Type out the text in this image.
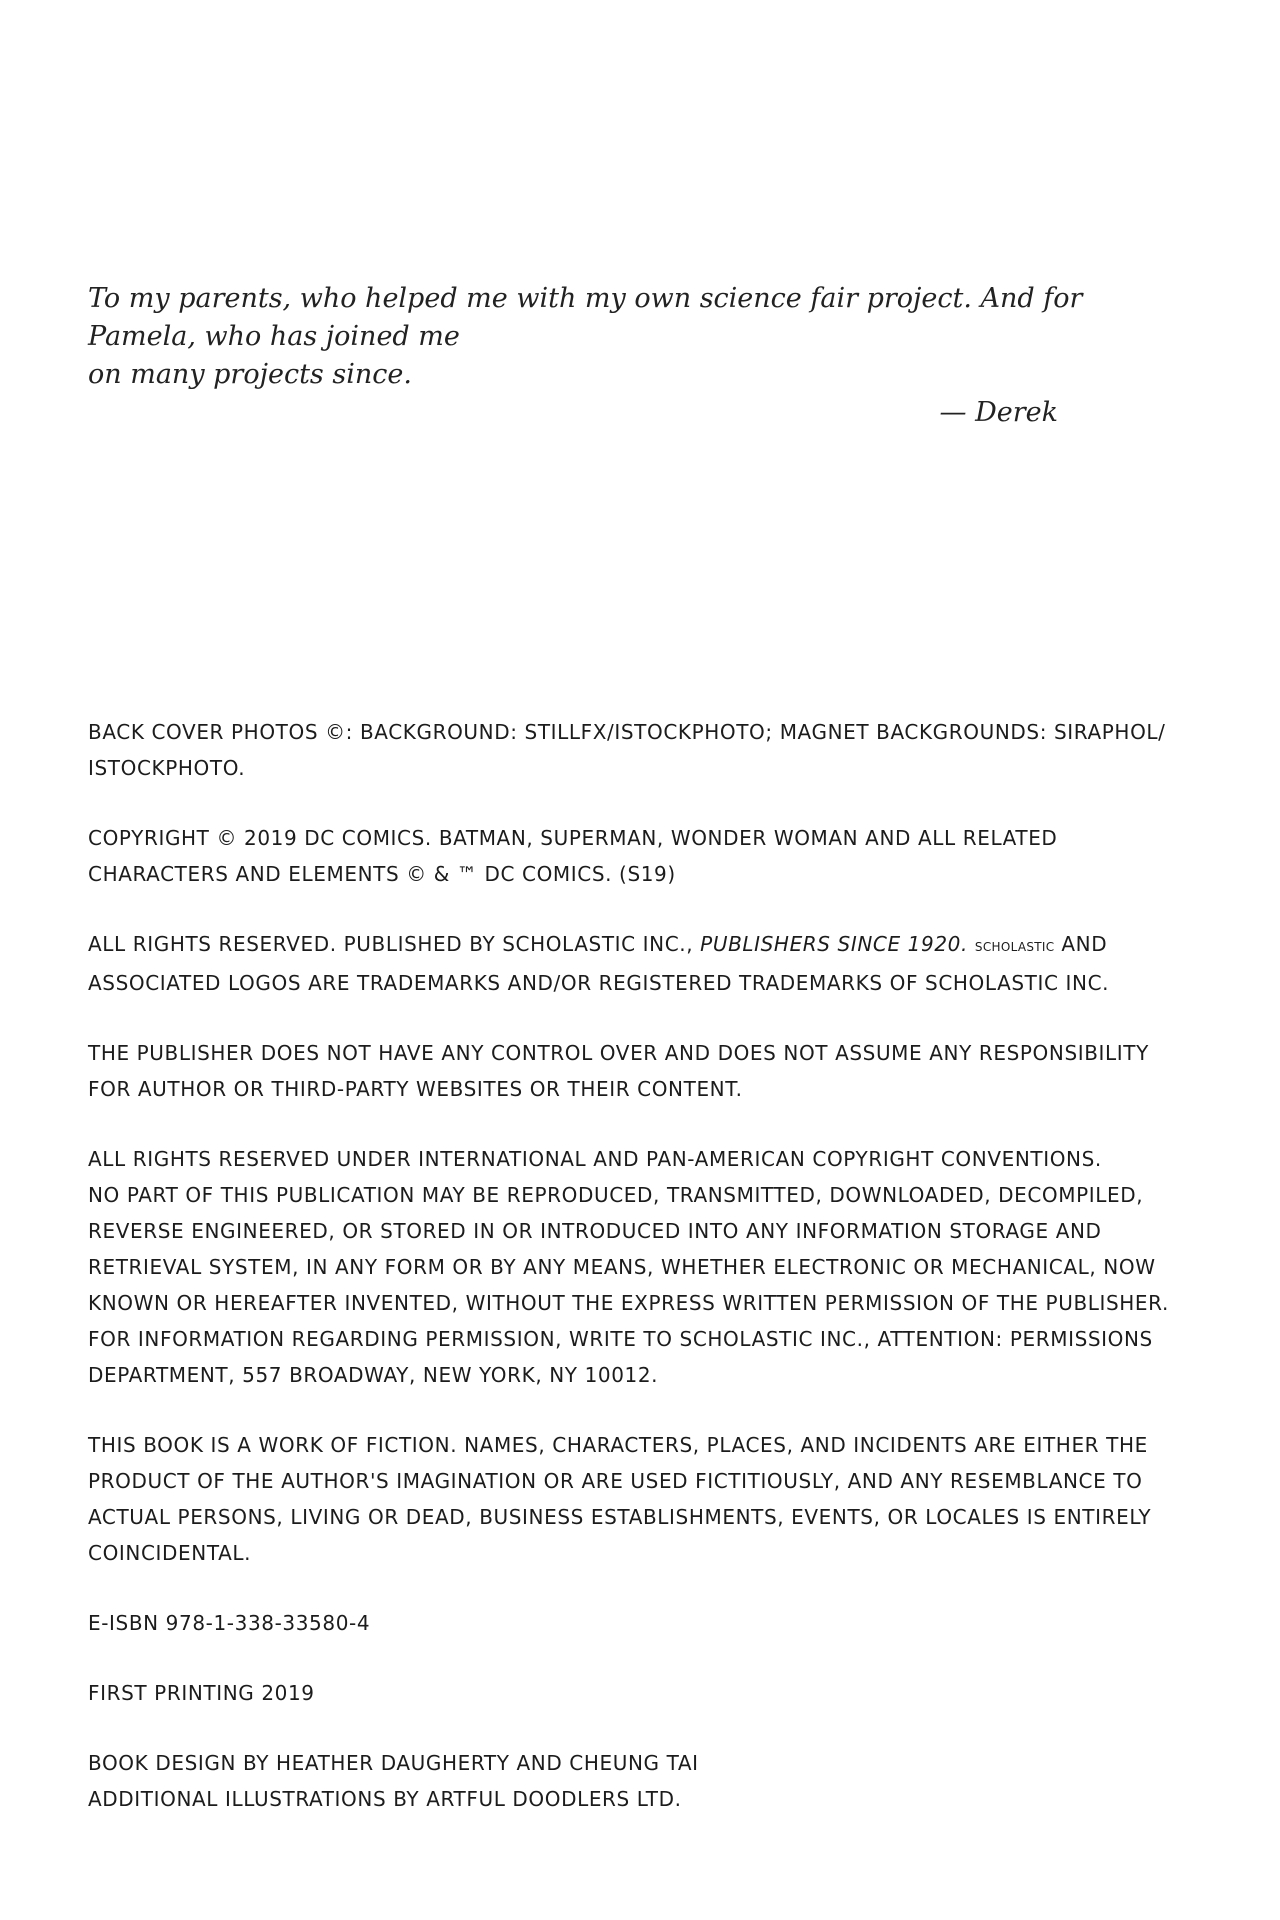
To my parents, who helped me with my own science fair project. And for Pamela, who has joined me
on many projects since.
— Derek

BACK COVER PHOTOS ©: BACKGROUND: STILLFX/ISTOCKPHOTO; MAGNET BACKGROUNDS: SIRAPHOL/
ISTOCKPHOTO.

COPYRIGHT © 2019 DC COMICS. BATMAN, SUPERMAN, WONDER WOMAN AND ALL RELATED
CHARACTERS AND ELEMENTS © & ™ DC COMICS. (S19)

ALL RIGHTS RESERVED. PUBLISHED BY SCHOLASTIC INC., PUBLISHERS SINCE 1920. SCHOLASTIC AND
ASSOCIATED LOGOS ARE TRADEMARKS AND/OR REGISTERED TRADEMARKS OF SCHOLASTIC INC.

THE PUBLISHER DOES NOT HAVE ANY CONTROL OVER AND DOES NOT ASSUME ANY RESPONSIBILITY
FOR AUTHOR OR THIRD-PARTY WEBSITES OR THEIR CONTENT.

ALL RIGHTS RESERVED UNDER INTERNATIONAL AND PAN-AMERICAN COPYRIGHT CONVENTIONS.
NO PART OF THIS PUBLICATION MAY BE REPRODUCED, TRANSMITTED, DOWNLOADED, DECOMPILED,
REVERSE ENGINEERED, OR STORED IN OR INTRODUCED INTO ANY INFORMATION STORAGE AND
RETRIEVAL SYSTEM, IN ANY FORM OR BY ANY MEANS, WHETHER ELECTRONIC OR MECHANICAL, NOW
KNOWN OR HEREAFTER INVENTED, WITHOUT THE EXPRESS WRITTEN PERMISSION OF THE PUBLISHER.
FOR INFORMATION REGARDING PERMISSION, WRITE TO SCHOLASTIC INC., ATTENTION: PERMISSIONS
DEPARTMENT, 557 BROADWAY, NEW YORK, NY 10012.

THIS BOOK IS A WORK OF FICTION. NAMES, CHARACTERS, PLACES, AND INCIDENTS ARE EITHER THE
PRODUCT OF THE AUTHOR'S IMAGINATION OR ARE USED FICTITIOUSLY, AND ANY RESEMBLANCE TO
ACTUAL PERSONS, LIVING OR DEAD, BUSINESS ESTABLISHMENTS, EVENTS, OR LOCALES IS ENTIRELY
COINCIDENTAL.

E-ISBN 978-1-338-33580-4

FIRST PRINTING 2019

BOOK DESIGN BY HEATHER DAUGHERTY AND CHEUNG TAI
ADDITIONAL ILLUSTRATIONS BY ARTFUL DOODLERS LTD.
